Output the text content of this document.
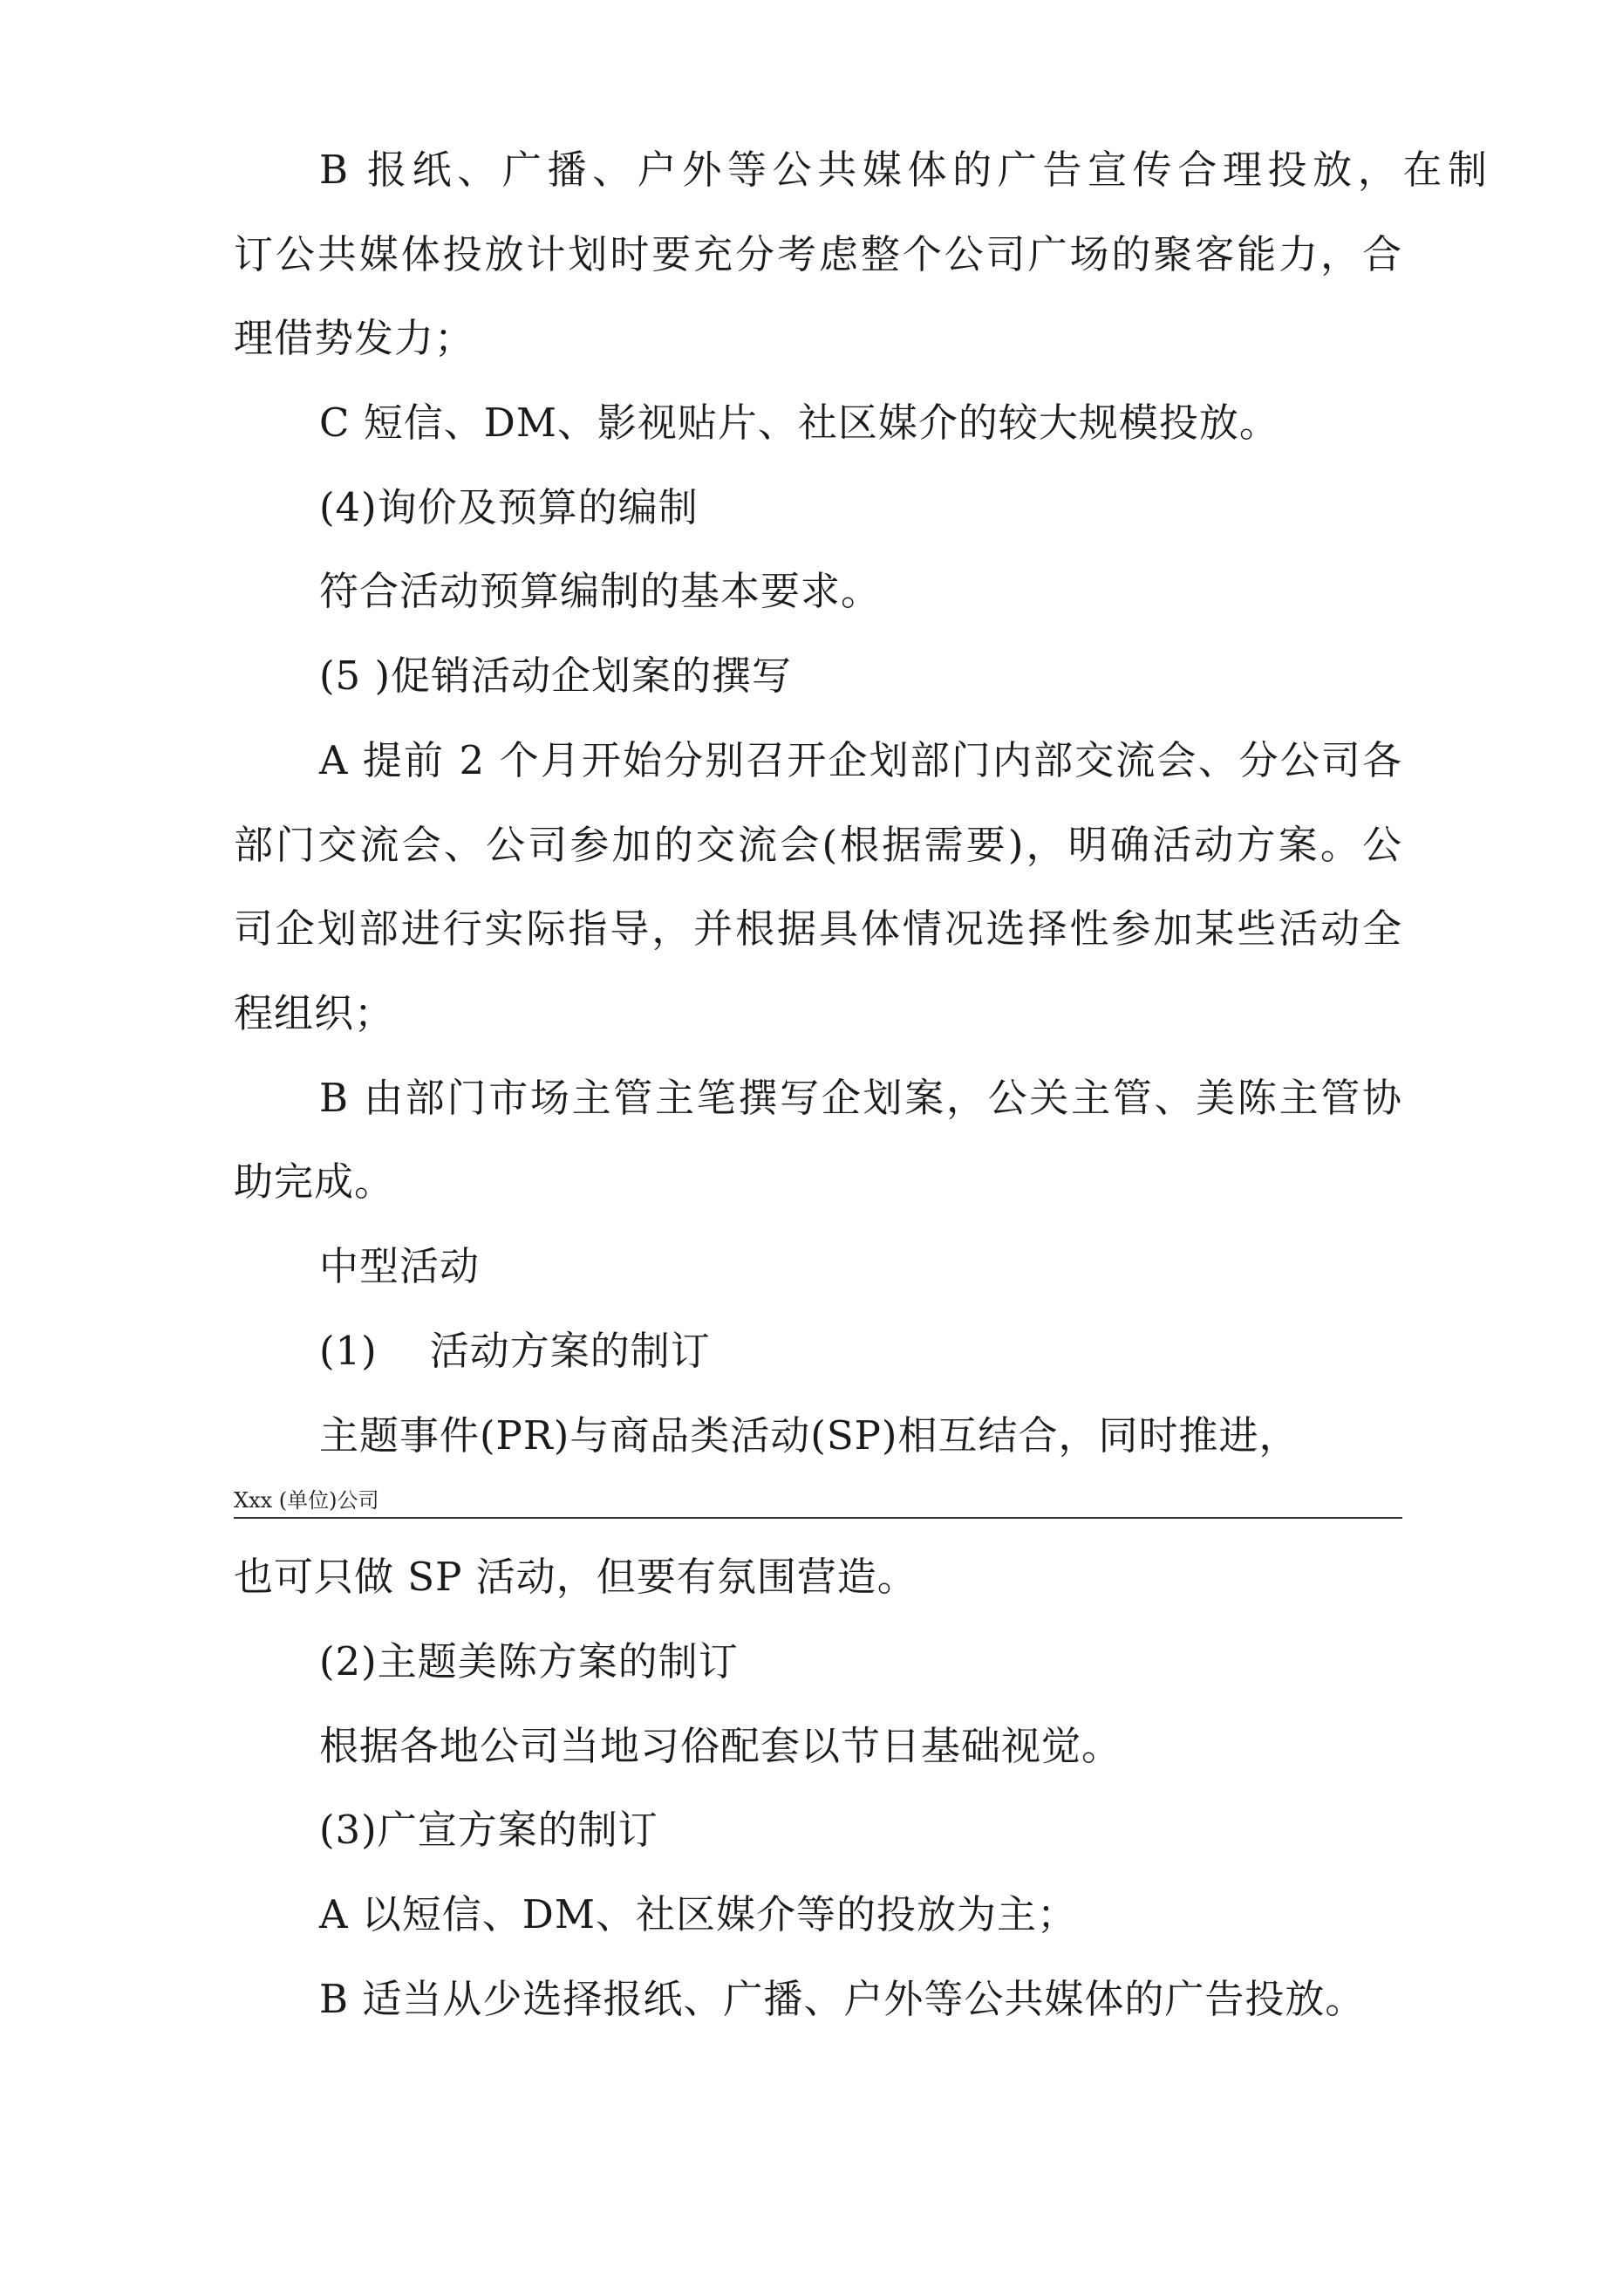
B 报纸、广播、户外等公共媒体的广告宣传合理投放，在制
订公共媒体投放计划时要充分考虑整个公司广场的聚客能力，合
理借势发力；
C 短信、DM、影视贴片、社区媒介的较大规模投放。
(4)询价及预算的编制
符合活动预算编制的基本要求。
(5 )促销活动企划案的撰写
A 提前 2 个月开始分别召开企划部门内部交流会、分公司各
部门交流会、公司参加的交流会(根据需要)，明确活动方案。公
司企划部进行实际指导，并根据具体情况选择性参加某些活动全
程组织；
B 由部门市场主管主笔撰写企划案，公关主管、美陈主管协
助完成。
中型活动
(1) 活动方案的制订
主题事件(PR)与商品类活动(SP)相互结合，同时推进，
Xxx (单位)公司
也可只做 SP 活动，但要有氛围营造。
(2)主题美陈方案的制订
根据各地公司当地习俗配套以节日基础视觉。
(3)广宣方案的制订
A 以短信、DM、社区媒介等的投放为主；
B 适当从少选择报纸、广播、户外等公共媒体的广告投放。
